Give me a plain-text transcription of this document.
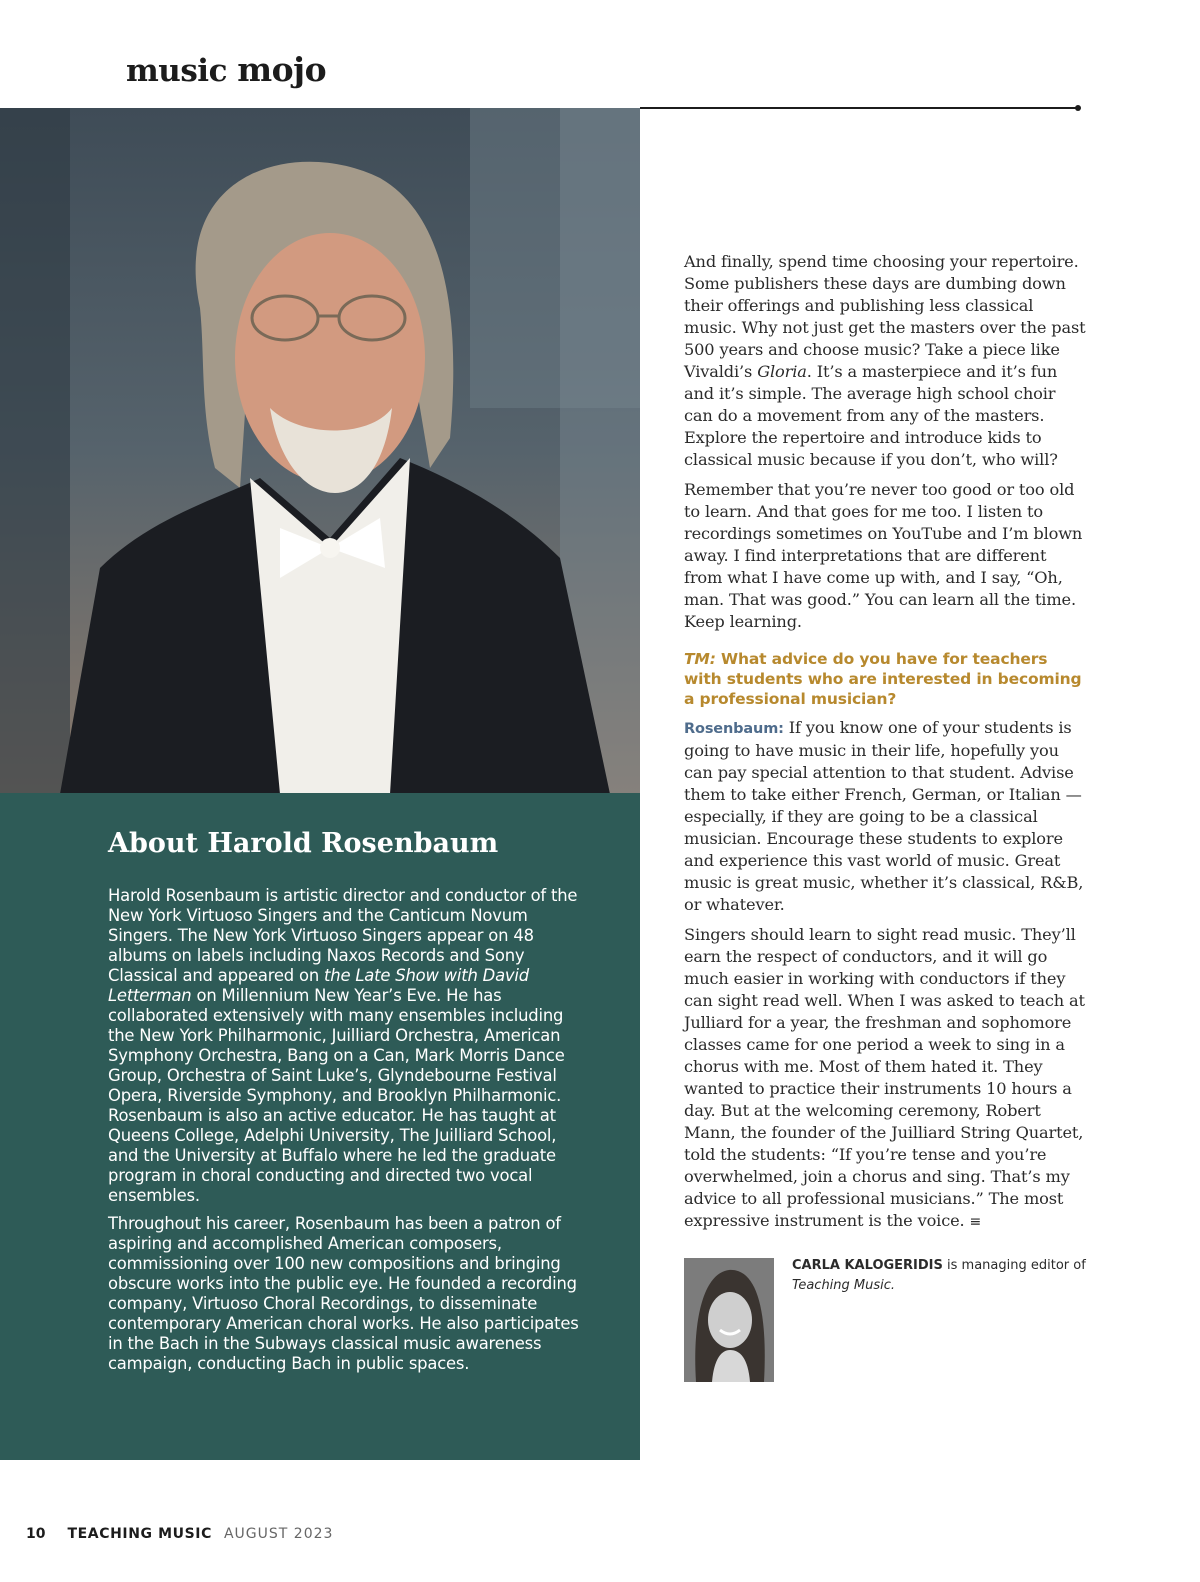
music mojo
About Harold Rosenbaum

Harold Rosenbaum is artistic director and conductor of the New York Virtuoso Singers and the Canticum Novum Singers. The New York Virtuoso Singers appear on 48 albums on labels including Naxos Records and Sony Classical and appeared on the Late Show with David Letterman on Millennium New Year’s Eve. He has collaborated extensively with many ensembles including the New York Philharmonic, Juilliard Orchestra, American Symphony Orchestra, Bang on a Can, Mark Morris Dance Group, Orchestra of Saint Luke’s, Glyndebourne Festival Opera, Riverside Symphony, and Brooklyn Philharmonic. Rosenbaum is also an active educator. He has taught at Queens College, Adelphi University, The Juilliard School, and the University at Buffalo where he led the graduate program in choral conducting and directed two vocal ensembles.

Throughout his career, Rosenbaum has been a patron of aspiring and accomplished American composers, commissioning over 100 new compositions and bringing obscure works into the public eye. He founded a recording company, Virtuoso Choral Recordings, to disseminate contemporary American choral works. He also participates in the Bach in the Subways classical music awareness campaign, conducting Bach in public spaces.

And finally, spend time choosing your repertoire. Some publishers these days are dumbing down their offerings and publishing less classical music. Why not just get the masters over the past 500 years and choose music? Take a piece like Vivaldi’s Gloria. It’s a masterpiece and it’s fun and it’s simple. The average high school choir can do a movement from any of the masters. Explore the repertoire and introduce kids to classical music because if you don’t, who will?

Remember that you’re never too good or too old to learn. And that goes for me too. I listen to recordings sometimes on YouTube and I’m blown away. I find interpretations that are different from what I have come up with, and I say, “Oh, man. That was good.” You can learn all the time. Keep learning.

TM: What advice do you have for teachers with students who are interested in becoming a professional musician?

Rosenbaum: If you know one of your students is going to have music in their life, hopefully you can pay special attention to that student. Advise them to take either French, German, or Italian — especially, if they are going to be a classical musician. Encourage these students to explore and experience this vast world of music. Great music is great music, whether it’s classical, R&B, or whatever.

Singers should learn to sight read music. They’ll earn the respect of conductors, and it will go much easier in working with conductors if they can sight read well. When I was asked to teach at Julliard for a year, the freshman and sophomore classes came for one period a week to sing in a chorus with me. Most of them hated it. They wanted to practice their instruments 10 hours a day. But at the welcoming ceremony, Robert Mann, the founder of the Juilliard String Quartet, told the students: “If you’re tense and you’re overwhelmed, join a chorus and sing. That’s my advice to all professional musicians.” The most expressive instrument is the voice. ≡

CARLA KALOGERIDIS is managing editor of Teaching Music.
10 TEACHING MUSIC AUGUST 2023
